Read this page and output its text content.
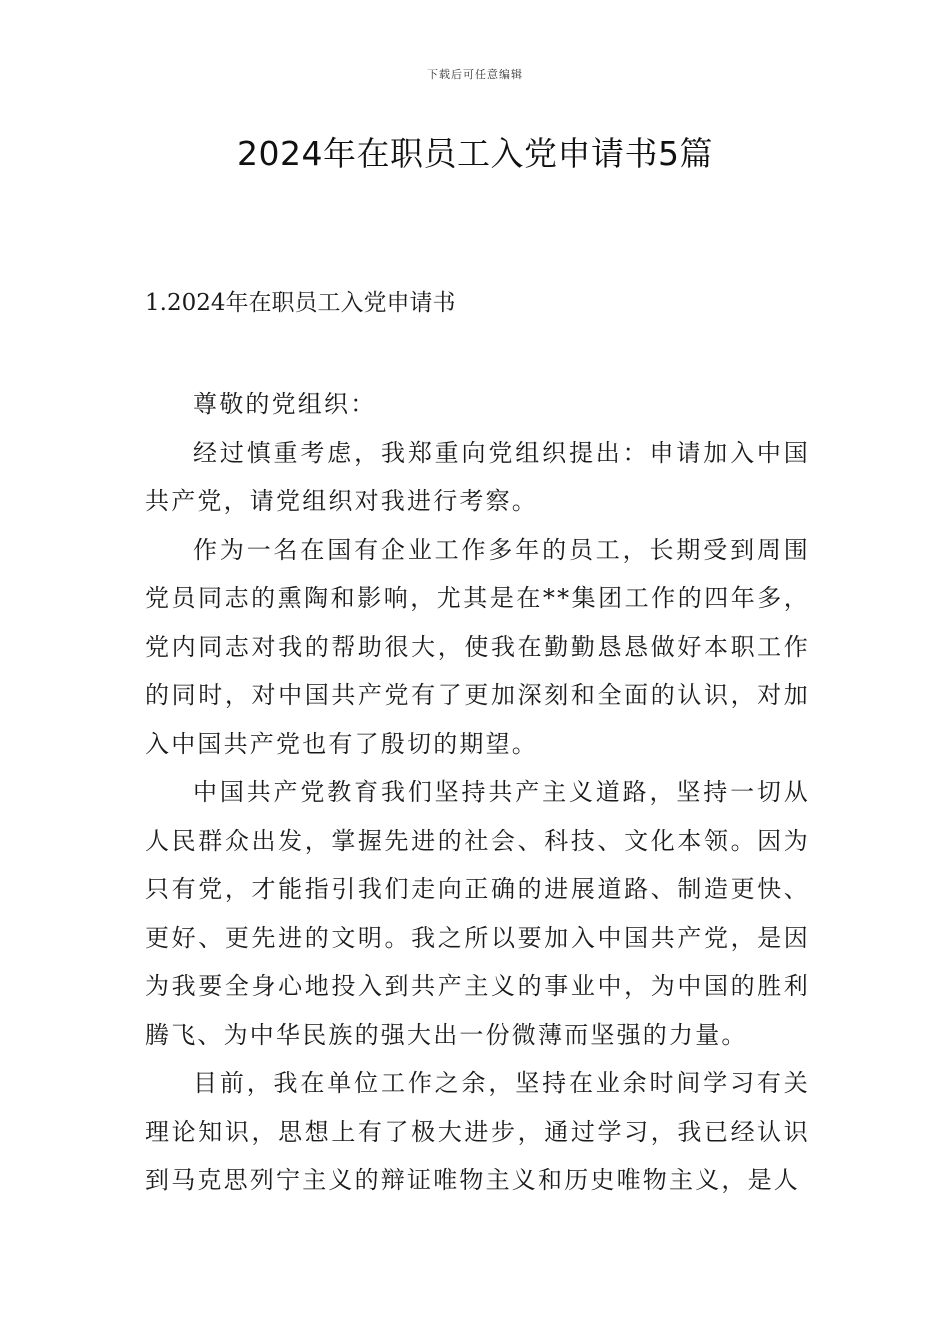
下载后可任意编辑
2024年在职员工入党申请书5篇
1.2024年在职员工入党申请书

尊敬的党组织：

经过慎重考虑，我郑重向党组织提出：申请加入中国共产党，请党组织对我进行考察。

作为一名在国有企业工作多年的员工，长期受到周围党员同志的熏陶和影响，尤其是在**集团工作的四年多，党内同志对我的帮助很大，使我在勤勤恳恳做好本职工作的同时，对中国共产党有了更加深刻和全面的认识，对加入中国共产党也有了殷切的期望。

中国共产党教育我们坚持共产主义道路，坚持一切从人民群众出发，掌握先进的社会、科技、文化本领。因为只有党，才能指引我们走向正确的进展道路、制造更快、更好、更先进的文明。我之所以要加入中国共产党，是因为我要全身心地投入到共产主义的事业中，为中国的胜利腾飞、为中华民族的强大出一份微薄而坚强的力量。

目前，我在单位工作之余，坚持在业余时间学习有关理论知识，思想上有了极大进步，通过学习，我已经认识到马克思列宁主义的辩证唯物主义和历史唯物主义，是人
